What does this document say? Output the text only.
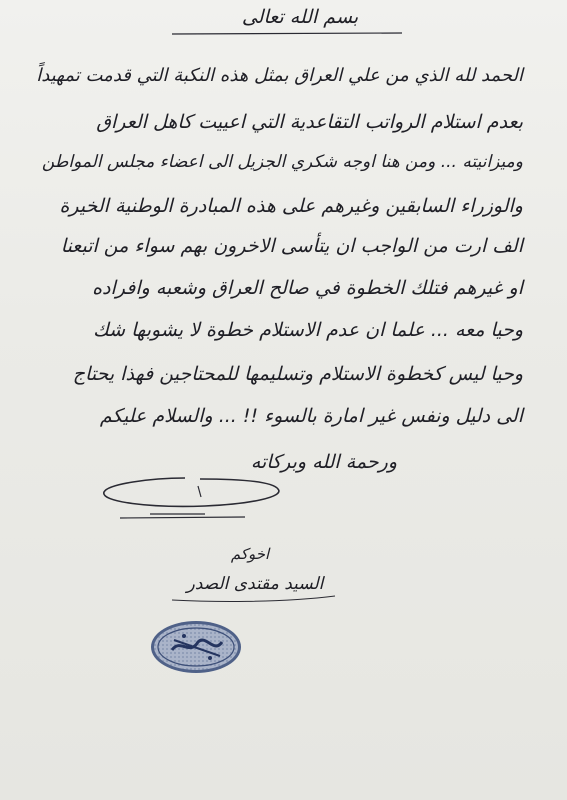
بسم الله تعالى
الحمد لله الذي من علي العراق بمثل هذه النكبة التي قدمت تمهيداً
بعدم استلام الرواتب التقاعدية التي اعييت كاهل العراق
وميزانيته ... ومن هنا اوجه شكري الجزيل الى اعضاء مجلس المواطن
والوزراء السابقين وغيرهم على هذه المبادرة الوطنية الخيرة
الف ارت من الواجب ان يتأسى الاخرون بهم سواء من اتبعنا
او غيرهم فتلك الخطوة في صالح العراق وشعبه وافراده
وحيا معه ... علما ان عدم الاستلام خطوة لا يشوبها شك
وحيا ليس كخطوة الاستلام وتسليمها للمحتاجين فهذا يحتاج
الى دليل ونفس غير امارة بالسوء !! ... والسلام عليكم
ورحمة الله وبركاته
اخوكم
السيد مقتدى الصدر
